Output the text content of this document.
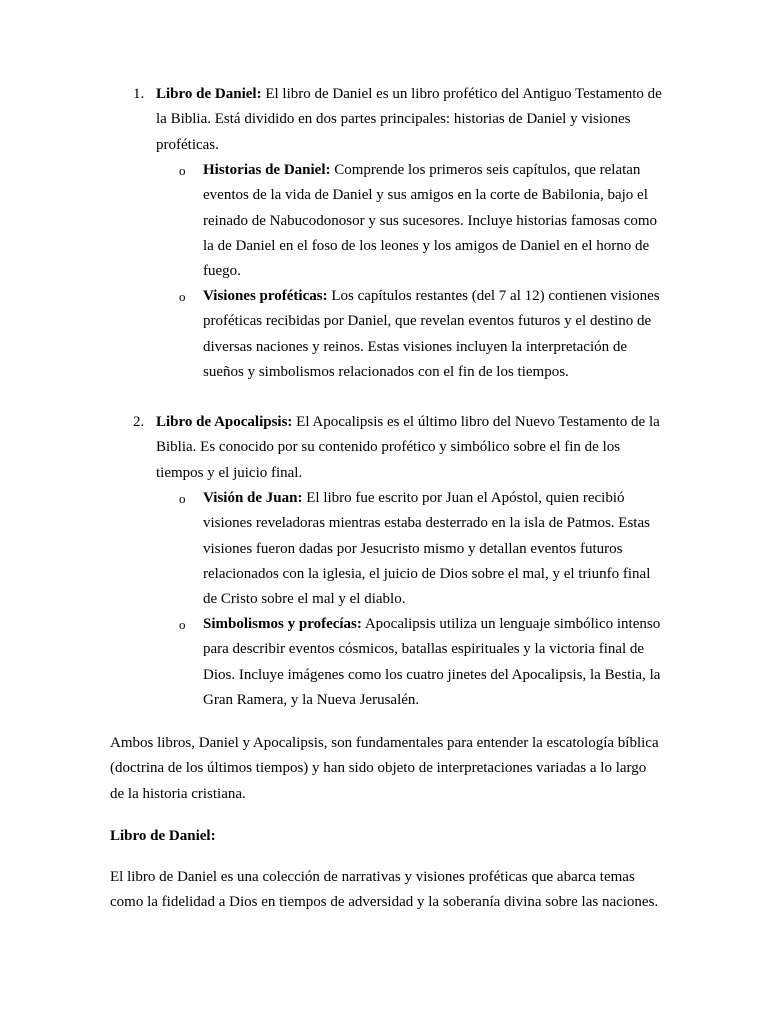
1. Libro de Daniel: El libro de Daniel es un libro profético del Antiguo Testamento de la Biblia. Está dividido en dos partes principales: historias de Daniel y visiones proféticas.
o Historias de Daniel: Comprende los primeros seis capítulos, que relatan eventos de la vida de Daniel y sus amigos en la corte de Babilonia, bajo el reinado de Nabucodonosor y sus sucesores. Incluye historias famosas como la de Daniel en el foso de los leones y los amigos de Daniel en el horno de fuego.
o Visiones proféticas: Los capítulos restantes (del 7 al 12) contienen visiones proféticas recibidas por Daniel, que revelan eventos futuros y el destino de diversas naciones y reinos. Estas visiones incluyen la interpretación de sueños y simbolismos relacionados con el fin de los tiempos.
2. Libro de Apocalipsis: El Apocalipsis es el último libro del Nuevo Testamento de la Biblia. Es conocido por su contenido profético y simbólico sobre el fin de los tiempos y el juicio final.
o Visión de Juan: El libro fue escrito por Juan el Apóstol, quien recibió visiones reveladoras mientras estaba desterrado en la isla de Patmos. Estas visiones fueron dadas por Jesucristo mismo y detallan eventos futuros relacionados con la iglesia, el juicio de Dios sobre el mal, y el triunfo final de Cristo sobre el mal y el diablo.
o Simbolismos y profecías: Apocalipsis utiliza un lenguaje simbólico intenso para describir eventos cósmicos, batallas espirituales y la victoria final de Dios. Incluye imágenes como los cuatro jinetes del Apocalipsis, la Bestia, la Gran Ramera, y la Nueva Jerusalén.

Ambos libros, Daniel y Apocalipsis, son fundamentales para entender la escatología bíblica (doctrina de los últimos tiempos) y han sido objeto de interpretaciones variadas a lo largo de la historia cristiana.

Libro de Daniel:

El libro de Daniel es una colección de narrativas y visiones proféticas que abarca temas como la fidelidad a Dios en tiempos de adversidad y la soberanía divina sobre las naciones.
